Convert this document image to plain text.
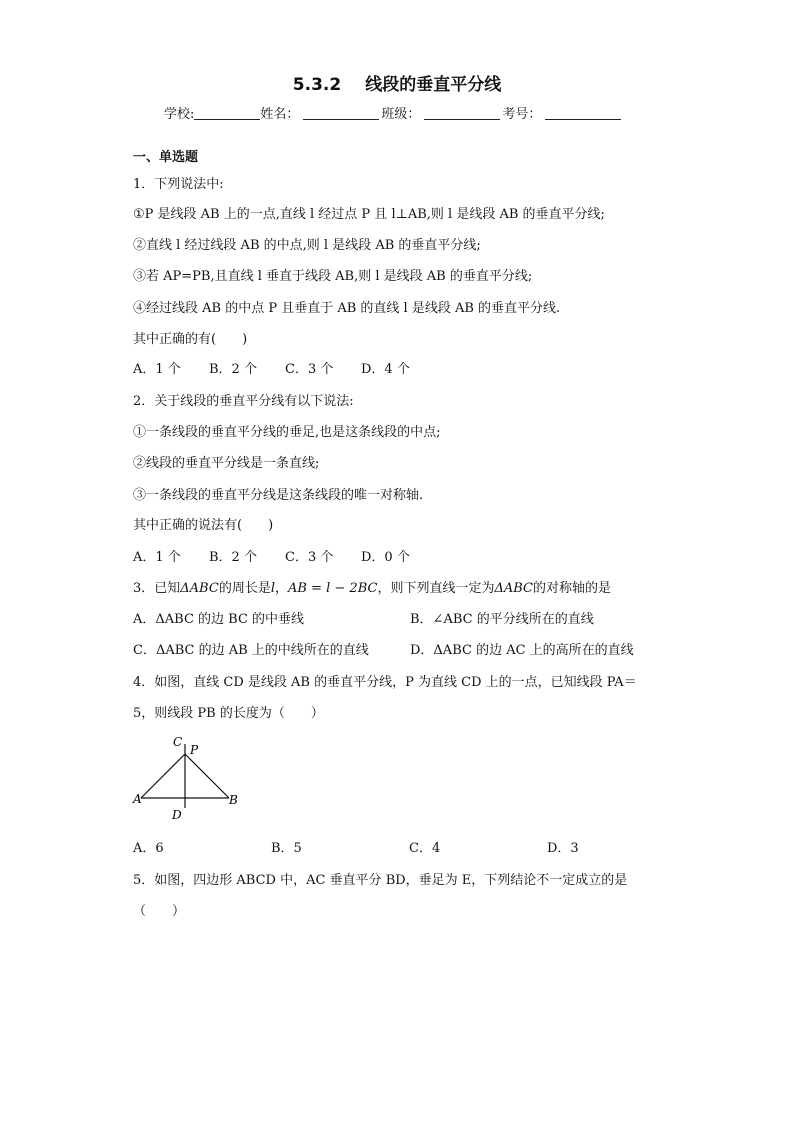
5.3.2 线段的垂直平分线
学校:	姓名：	班级：	考号：
一、单选题
1．下列说法中:
①P 是线段 AB 上的一点,直线 l 经过点 P 且 l⊥AB,则 l 是线段 AB 的垂直平分线;
②直线 l 经过线段 AB 的中点,则 l 是线段 AB 的垂直平分线;
③若 AP=PB,且直线 l 垂直于线段 AB,则 l 是线段 AB 的垂直平分线;
④经过线段 AB 的中点 P 且垂直于 AB 的直线 l 是线段 AB 的垂直平分线.
其中正确的有(　　)
A．1 个 B．2 个 C．3 个 D．4 个
2．关于线段的垂直平分线有以下说法:
①一条线段的垂直平分线的垂足,也是这条线段的中点;
②线段的垂直平分线是一条直线;
③一条线段的垂直平分线是这条线段的唯一对称轴.
其中正确的说法有(　　)
A．1 个 B．2 个 C．3 个 D．0 个
3．已知ΔABC的周长是l，AB = l − 2BC，则下列直线一定为ΔABC的对称轴的是
A．ΔABC 的边 BC 的中垂线	B．∠ABC 的平分线所在的直线
C．ΔABC 的边 AB 上的中线所在的直线	D．ΔABC 的边 AC 上的高所在的直线
4．如图，直线 CD 是线段 AB 的垂直平分线，P 为直线 CD 上的一点，已知线段 PA＝
5，则线段 PB 的长度为（　　）
C
P
A	B
D
A．6	B．5	C．4	D．3
5．如图，四边形 ABCD 中，AC 垂直平分 BD，垂足为 E，下列结论不一定成立的是
（　　）
